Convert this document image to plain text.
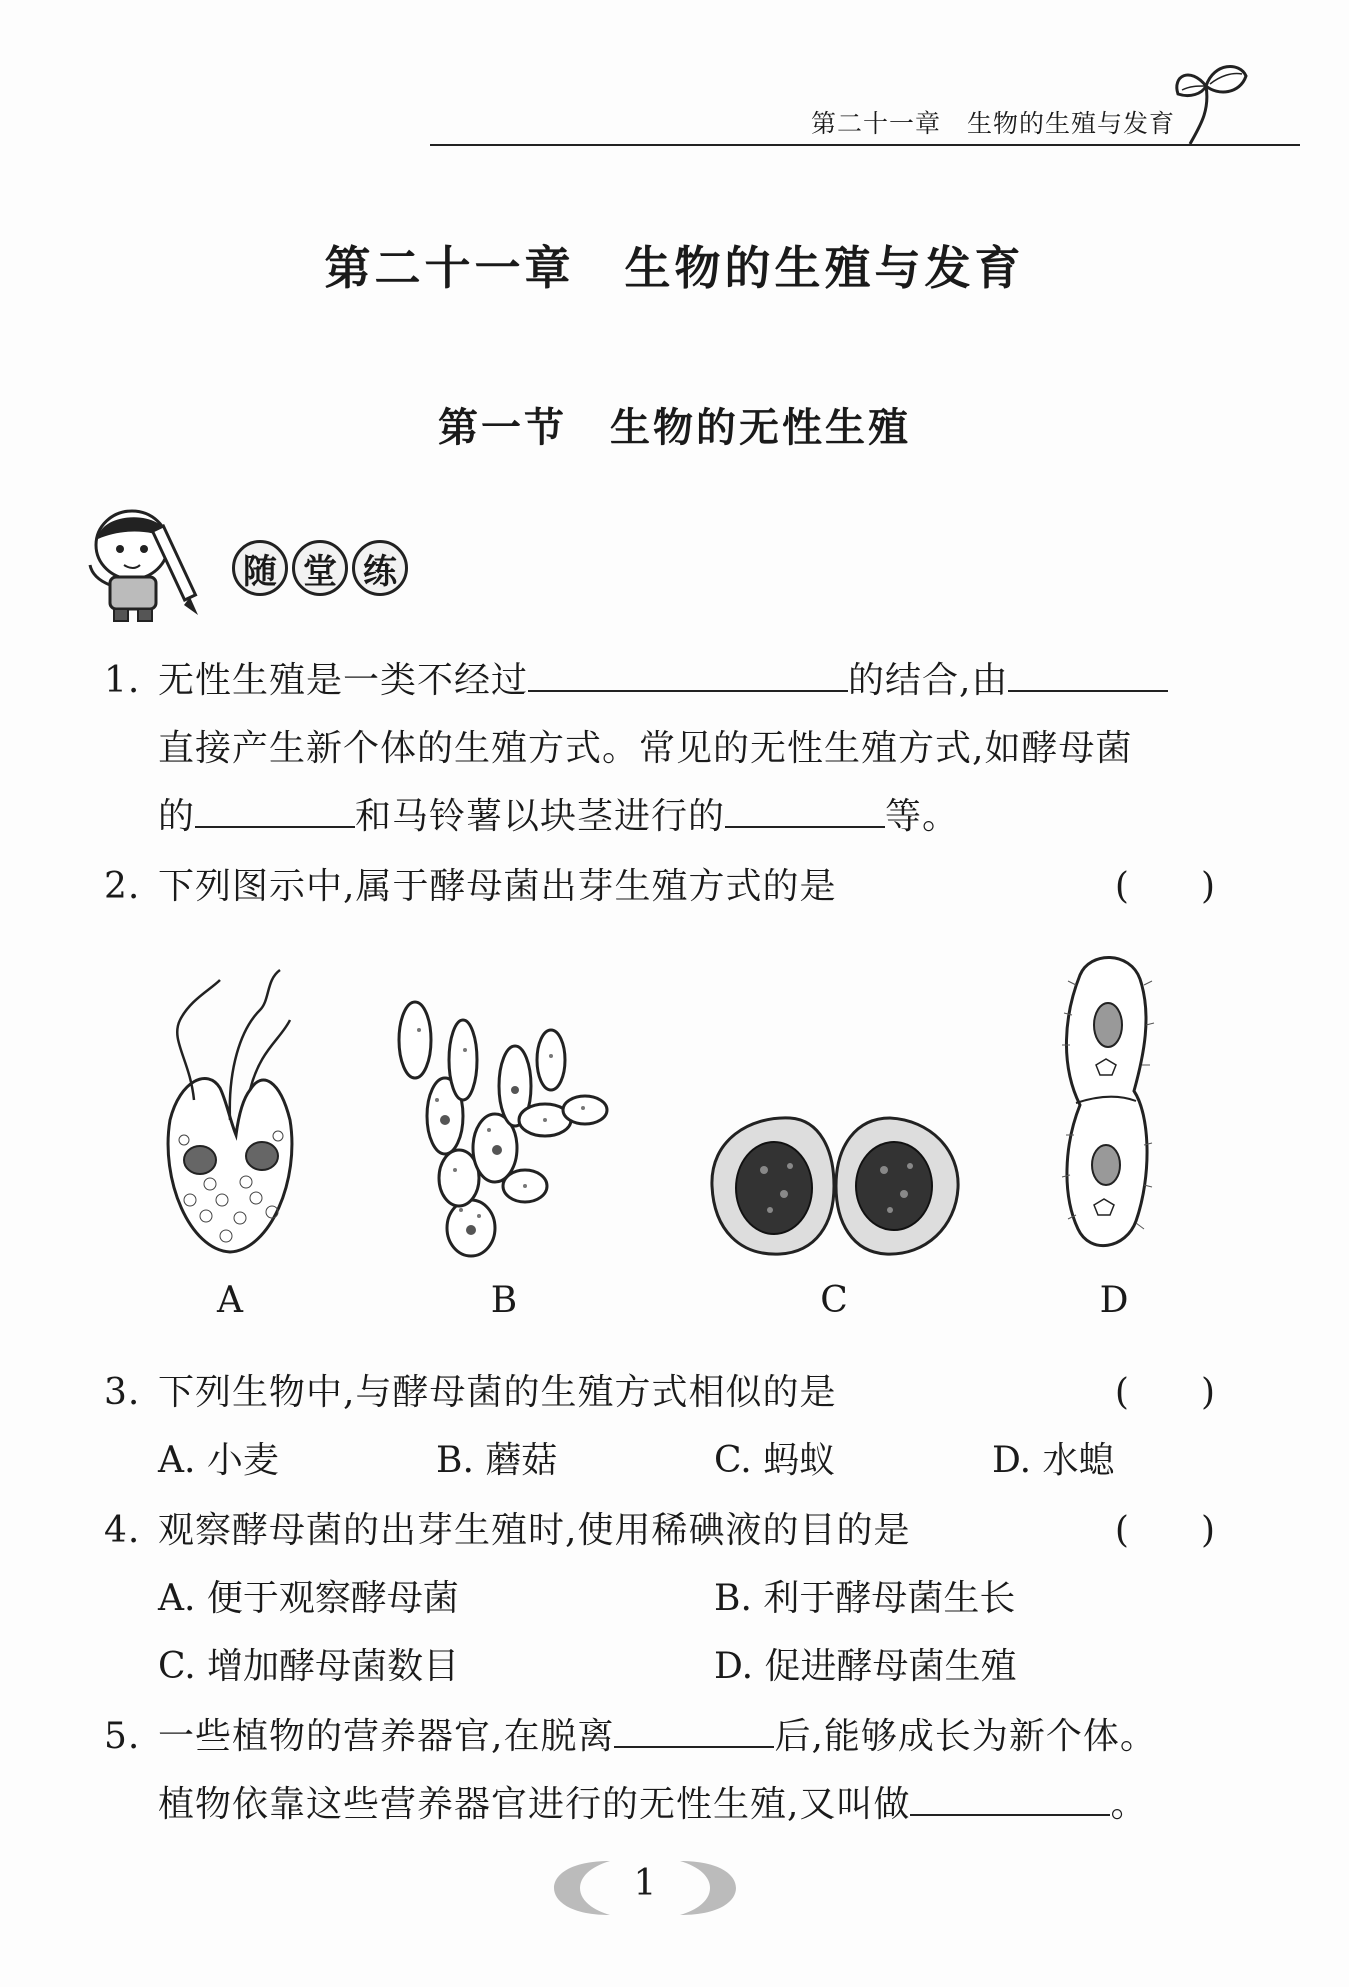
第二十一章　生物的生殖与发育
第二十一章　生物的生殖与发育
第一节　生物的无性生殖
随 堂 练
1. 无性生殖是一类不经过	的结合,由
直接产生新个体的生殖方式。常见的无性生殖方式,如酵母菌
的	和马铃薯以块茎进行的	等。
2. 下列图示中,属于酵母菌出芽生殖方式的是	(　　)
A	B	C	D
3. 下列生物中,与酵母菌的生殖方式相似的是	(　　)
A. 小麦	B. 蘑菇	C. 蚂蚁	D. 水螅
4. 观察酵母菌的出芽生殖时,使用稀碘液的目的是	(　　)
A. 便于观察酵母菌	B. 利于酵母菌生长
C. 增加酵母菌数目	D. 促进酵母菌生殖
5. 一些植物的营养器官,在脱离	后,能够成长为新个体。
植物依靠这些营养器官进行的无性生殖,又叫做	。
1
